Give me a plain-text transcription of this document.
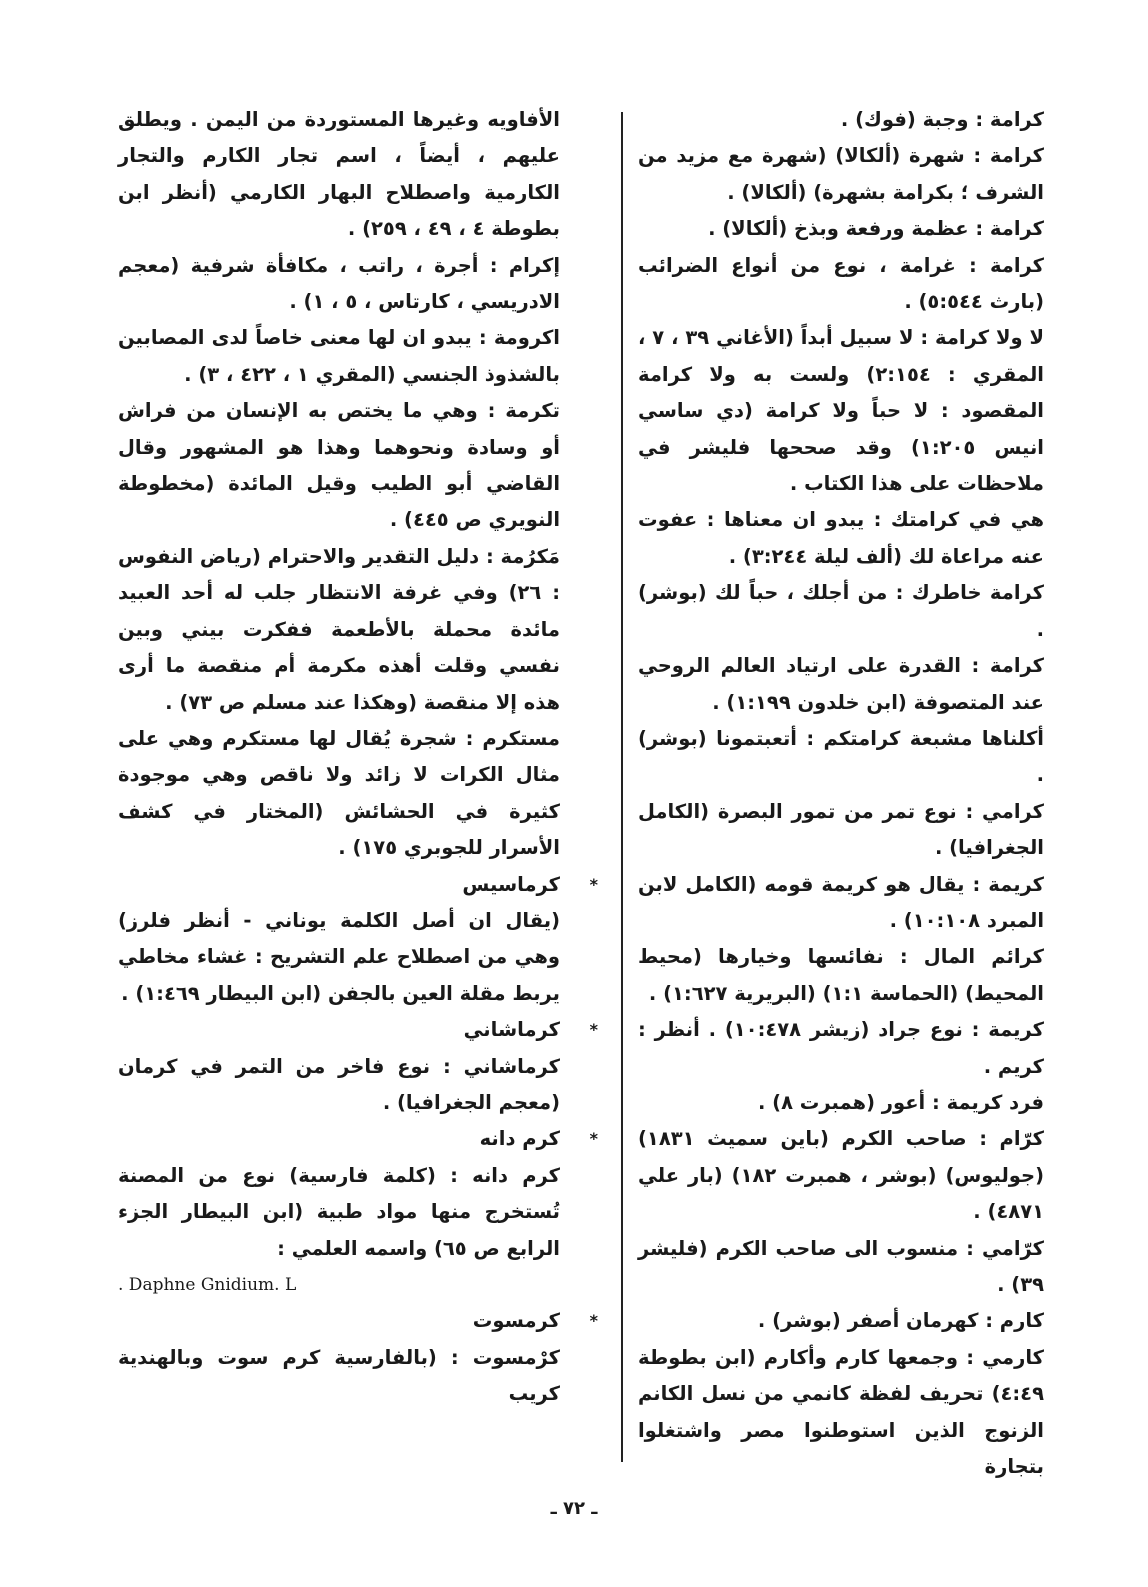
كرامة : وجبة (فوك) .

كرامة : شهرة (ألكالا) (شهرة مع مزيد من الشرف ؛ بكرامة بشهرة) (ألكالا) .

كرامة : عظمة ورفعة وبذخ (ألكالا) .

كرامة : غرامة ، نوع من أنواع الضرائب (بارث ٥:٥٤٤) .

لا ولا كرامة : لا سبيل أبداً (الأغاني ٣٩ ، ٧ ، المقري : ٢:١٥٤) ولست به ولا كرامة المقصود : لا حباً ولا كرامة (دي ساسي انيس ١:٢٠٥) وقد صححها فليشر في ملاحظات على هذا الكتاب .

هي في كرامتك : يبدو ان معناها : عفوت عنه مراعاة لك (ألف ليلة ٣:٢٤٤) .

كرامة خاطرك : من أجلك ، حباً لك (بوشر) .

كرامة : القدرة على ارتياد العالم الروحي عند المتصوفة (ابن خلدون ١:١٩٩) .

أكلناها مشبعة كرامتكم : أتعبتمونا (بوشر) .

كرامي : نوع تمر من تمور البصرة (الكامل الجغرافيا) .

كريمة : يقال هو كريمة قومه (الكامل لابن المبرد ١٠:١٠٨) .

كرائم المال : نفائسها وخيارها (محيط المحيط) (الحماسة ١:١) (البريرية ١:٦٢٧) .

كريمة : نوع جراد (زيشر ١٠:٤٧٨) . أنظر : كريم .

فرد كريمة : أعور (همبرت ٨) .

كرّام : صاحب الكرم (باين سميث ١٨٣١) (جوليوس) (بوشر ، همبرت ١٨٢) (بار علي ٤٨٧١) .

كرّامي : منسوب الى صاحب الكرم (فليشر ٣٩) .

كارم : كهرمان أصفر (بوشر) .

كارمي : وجمعها كارم وأكارم (ابن بطوطة ٤:٤٩) تحريف لفظة كانمي من نسل الكانم الزنوج الذين استوطنوا مصر واشتغلوا بتجارة

الأفاويه وغيرها المستوردة من اليمن . ويطلق عليهم ، أيضاً ، اسم تجار الكارم والتجار الكارمية واصطلاح البهار الكارمي (أنظر ابن بطوطة ٤ ، ٤٩ ، ٢٥٩) .

إكرام : أجرة ، راتب ، مكافأة شرفية (معجم الادريسي ، كارتاس ، ٥ ، ١) .

اكرومة : يبدو ان لها معنى خاصاً لدى المصابين بالشذوذ الجنسي (المقري ١ ، ٤٢٢ ، ٣) .

تكرمة : وهي ما يختص به الإنسان من فراش أو وسادة ونحوهما وهذا هو المشهور وقال القاضي أبو الطيب وقيل المائدة (مخطوطة النويري ص ٤٤٥) .

مَكرُمة : دليل التقدير والاحترام (رياض النفوس : ٢٦) وفي غرفة الانتظار جلب له أحد العبيد مائدة محملة بالأطعمة ففكرت بيني وبين نفسي وقلت أهذه مكرمة أم منقصة ما أرى هذه إلا منقصة (وهكذا عند مسلم ص ٧٣) .

مستكرم : شجرة يُقال لها مستكرم وهي على مثال الكرات لا زائد ولا ناقص وهي موجودة كثيرة في الحشائش (المختار في كشف الأسرار للجوبري ١٧٥) .

*
كرماسيس

(يقال ان أصل الكلمة يوناني - أنظر فلرز) وهي من اصطلاح علم التشريح : غشاء مخاطي يربط مقلة العين بالجفن (ابن البيطار ١:٤٦٩) .

*
كرماشاني

كرماشاني : نوع فاخر من التمر في كرمان (معجم الجغرافيا) .

*
كرم دانه

كرم دانه : (كلمة فارسية) نوع من المصنة تُستخرج منها مواد طبية (ابن البيطار الجزء الرابع ص ٦٥) واسمه العلمي :

. Daphne Gnidium. L

*
كرمسوت

كرْمسوت : (بالفارسية كرم سوت وبالهندية كريب

ـ ٧٢ ـ
